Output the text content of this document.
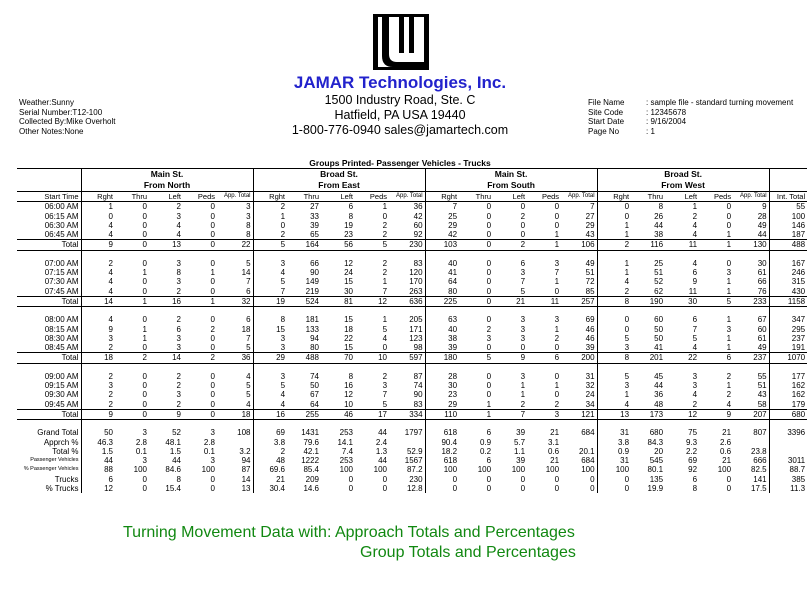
JAMAR Technologies, Inc.
1500 Industry Road, Ste. C
Hatfield, PA USA 19440
1-800-776-0940 sales@jamartech.com
Weather:Sunny
Serial Number:T12-100
Collected By:Mike Overholt
Other Notes:None
File Name	: sample file - standard turning movement
Site Code	: 12345678
Start Date	: 9/16/2004
Page No	: 1
Groups Printed- Passenger Vehicles - Trucks
	Main St.					Broad St.					Main St.					Broad St.					
	From North					From East					From South					From West					
Start Time	Rght	Thru	Left	Peds	App. Total	Rght	Thru	Left	Peds	App. Total	Rght	Thru	Left	Peds	App. Total	Rght	Thru	Left	Peds	App. Total	Int. Total
06:00 AM	1	0	2	0	3	2	27	6	1	36	7	0	0	0	7	0	8	1	0	9	55
06:15 AM	0	0	3	0	3	1	33	8	0	42	25	0	2	0	27	0	26	2	0	28	100
06:30 AM	4	0	4	0	8	0	39	19	2	60	29	0	0	0	29	1	44	4	0	49	146
06:45 AM	4	0	4	0	8	2	65	23	2	92	42	0	0	1	43	1	38	4	1	44	187
Total	9	0	13	0	22	5	164	56	5	230	103	0	2	1	106	2	116	11	1	130	488

07:00 AM	2	0	3	0	5	3	66	12	2	83	40	0	6	3	49	1	25	4	0	30	167
07:15 AM	4	1	8	1	14	4	90	24	2	120	41	0	3	7	51	1	51	6	3	61	246
07:30 AM	4	0	3	0	7	5	149	15	1	170	64	0	7	1	72	4	52	9	1	66	315
07:45 AM	4	0	2	0	6	7	219	30	7	263	80	0	5	0	85	2	62	11	1	76	430
Total	14	1	16	1	32	19	524	81	12	636	225	0	21	11	257	8	190	30	5	233	1158

08:00 AM	4	0	2	0	6	8	181	15	1	205	63	0	3	3	69	0	60	6	1	67	347
08:15 AM	9	1	6	2	18	15	133	18	5	171	40	2	3	1	46	0	50	7	3	60	295
08:30 AM	3	1	3	0	7	3	94	22	4	123	38	3	3	2	46	5	50	5	1	61	237
08:45 AM	2	0	3	0	5	3	80	15	0	98	39	0	0	0	39	3	41	4	1	49	191
Total	18	2	14	2	36	29	488	70	10	597	180	5	9	6	200	8	201	22	6	237	1070

09:00 AM	2	0	2	0	4	3	74	8	2	87	28	0	3	0	31	5	45	3	2	55	177
09:15 AM	3	0	2	0	5	5	50	16	3	74	30	0	1	1	32	3	44	3	1	51	162
09:30 AM	2	0	3	0	5	4	67	12	7	90	23	0	1	0	24	1	36	4	2	43	162
09:45 AM	2	0	2	0	4	4	64	10	5	83	29	1	2	2	34	4	48	2	4	58	179
Total	9	0	9	0	18	16	255	46	17	334	110	1	7	3	121	13	173	12	9	207	680

Grand Total	50	3	52	3	108	69	1431	253	44	1797	618	6	39	21	684	31	680	75	21	807	3396
Apprch %	46.3	2.8	48.1	2.8		3.8	79.6	14.1	2.4		90.4	0.9	5.7	3.1		3.8	84.3	9.3	2.6		
Total %	1.5	0.1	1.5	0.1	3.2	2	42.1	7.4	1.3	52.9	18.2	0.2	1.1	0.6	20.1	0.9	20	2.2	0.6	23.8	
Passenger Vehicles	44	3	44	3	94	48	1222	253	44	1567	618	6	39	21	684	31	545	69	21	666	3011
% Passenger Vehicles	88	100	84.6	100	87	69.6	85.4	100	100	87.2	100	100	100	100	100	100	80.1	92	100	82.5	88.7
Trucks	6	0	8	0	14	21	209	0	0	230	0	0	0	0	0	0	135	6	0	141	385
% Trucks	12	0	15.4	0	13	30.4	14.6	0	0	12.8	0	0	0	0	0	0	19.9	8	0	17.5	11.3
Turning Movement Data with: Approach Totals and Percentages
Group Totals and Percentages
